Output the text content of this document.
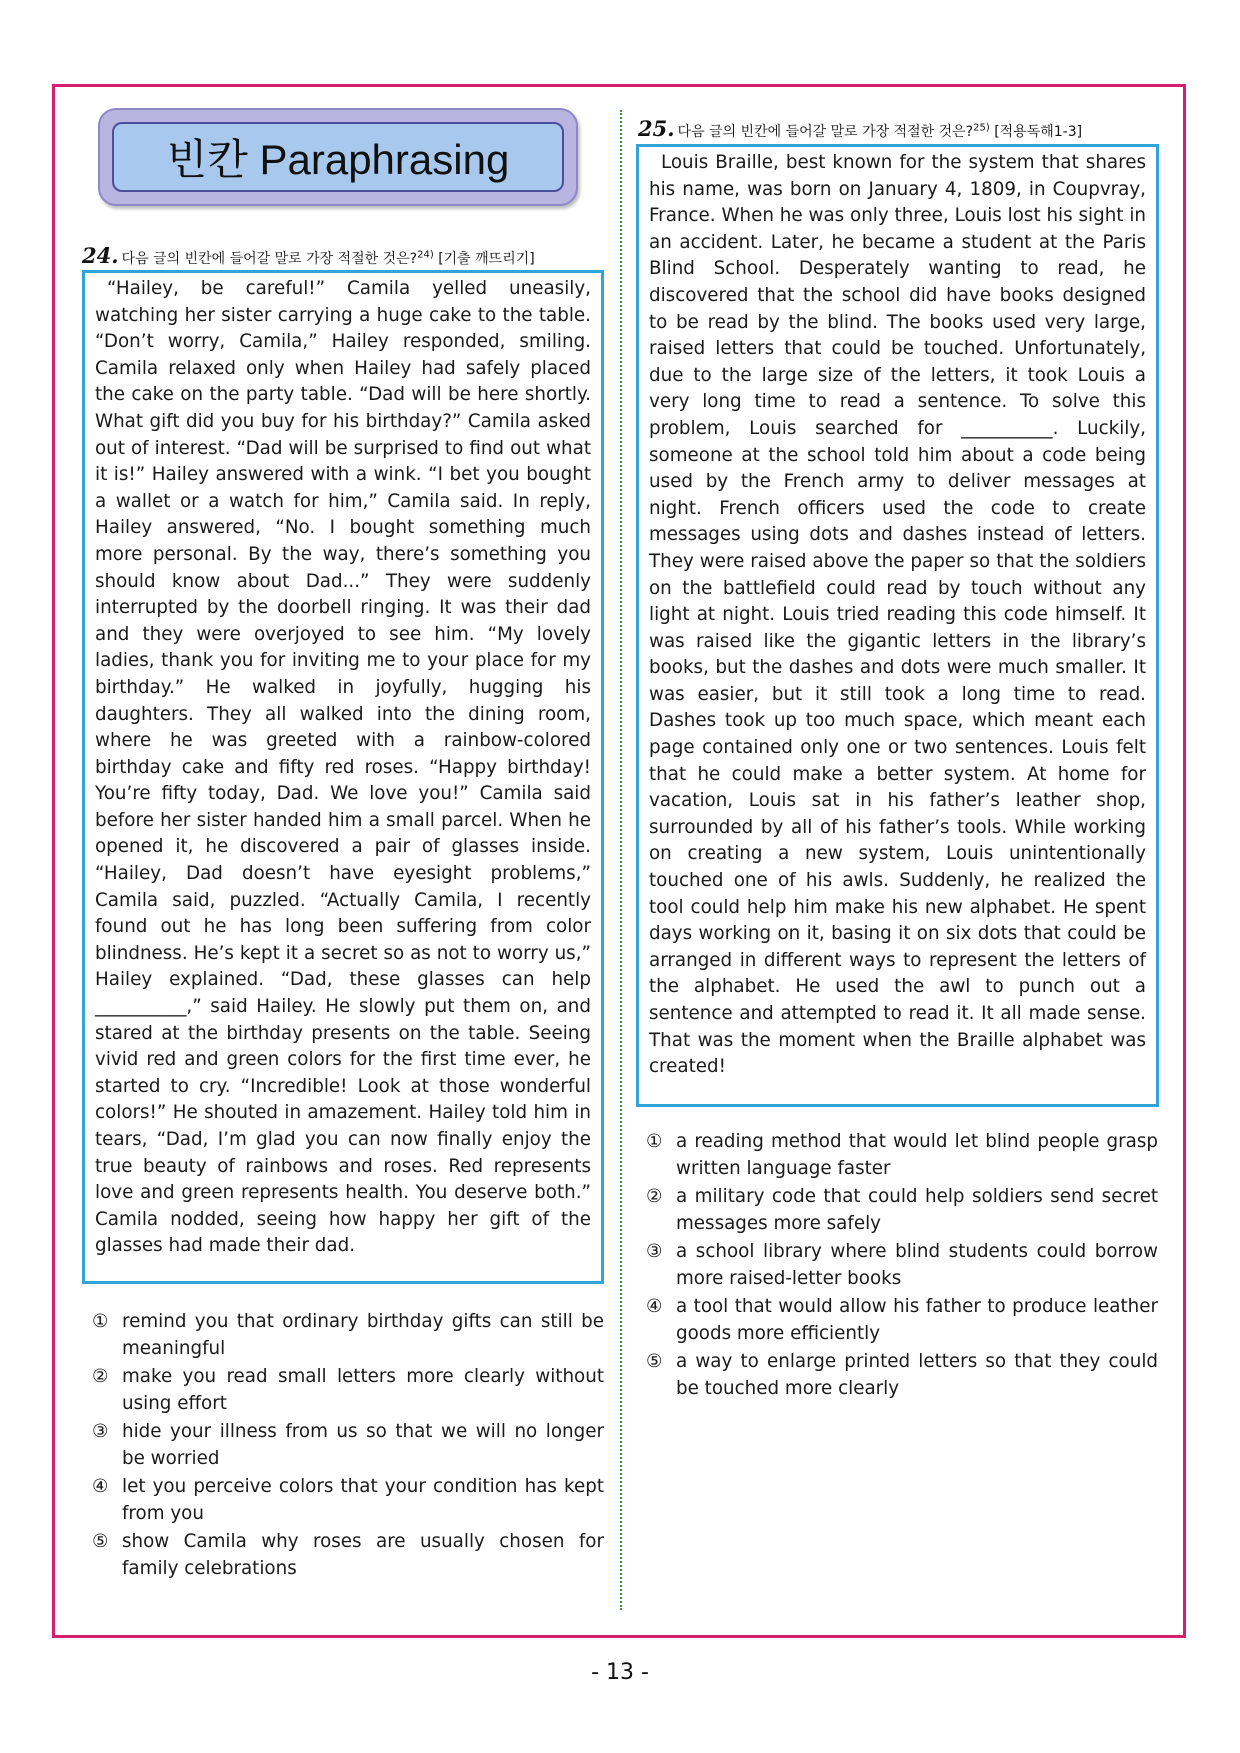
빈칸 Paraphrasing
24. 다음 글의 빈칸에 들어갈 말로 가장 적절한 것은?$^{24)}$ [기출 깨뜨리기]
“Hailey, be careful!” Camila yelled uneasily, watching her sister carrying a huge cake to the table. “Don’t worry, Camila,” Hailey responded, smiling. Camila relaxed only when Hailey had safely placed the cake on the party table. “Dad will be here shortly. What gift did you buy for his birthday?” Camila asked out of interest. “Dad will be surprised to find out what it is!” Hailey answered with a wink. “I bet you bought a wallet or a watch for him,” Camila said. In reply, Hailey answered, “No. I bought something much more personal. By the way, there’s something you should know about Dad...” They were suddenly interrupted by the doorbell ringing. It was their dad and they were overjoyed to see him. “My lovely ladies, thank you for inviting me to your place for my birthday.” He walked in joyfully, hugging his daughters. They all walked into the dining room, where he was greeted with a rainbow-colored birthday cake and fifty red roses. “Happy birthday! You’re fifty today, Dad. We love you!” Camila said before her sister handed him a small parcel. When he opened it, he discovered a pair of glasses inside. “Hailey, Dad doesn’t have eyesight problems,” Camila said, puzzled. “Actually Camila, I recently found out he has long been suffering from color blindness. He’s kept it a secret so as not to worry us,” Hailey explained. “Dad, these glasses can help __________,” said Hailey. He slowly put them on, and stared at the birthday presents on the table. Seeing vivid red and green colors for the first time ever, he started to cry. “Incredible! Look at those wonderful colors!” He shouted in amazement. Hailey told him in tears, “Dad, I’m glad you can now finally enjoy the true beauty of rainbows and roses. Red represents love and green represents health. You deserve both.” Camila nodded, seeing how happy her gift of the glasses had made their dad.
① remind you that ordinary birthday gifts can still be meaningful
② make you read small letters more clearly without using effort
③ hide your illness from us so that we will no longer be worried
④ let you perceive colors that your condition has kept from you
⑤ show Camila why roses are usually chosen for family celebrations
25. 다음 글의 빈칸에 들어갈 말로 가장 적절한 것은?$^{25)}$ [적용독해1-3]
Louis Braille, best known for the system that shares his name, was born on January 4, 1809, in Coupvray, France. When he was only three, Louis lost his sight in an accident. Later, he became a student at the Paris Blind School. Desperately wanting to read, he discovered that the school did have books designed to be read by the blind. The books used very large, raised letters that could be touched. Unfortunately, due to the large size of the letters, it took Louis a very long time to read a sentence. To solve this problem, Louis searched for __________. Luckily, someone at the school told him about a code being used by the French army to deliver messages at night. French officers used the code to create messages using dots and dashes instead of letters. They were raised above the paper so that the soldiers on the battlefield could read by touch without any light at night. Louis tried reading this code himself. It was raised like the gigantic letters in the library’s books, but the dashes and dots were much smaller. It was easier, but it still took a long time to read. Dashes took up too much space, which meant each page contained only one or two sentences. Louis felt that he could make a better system. At home for vacation, Louis sat in his father’s leather shop, surrounded by all of his father’s tools. While working on creating a new system, Louis unintentionally touched one of his awls. Suddenly, he realized the tool could help him make his new alphabet. He spent days working on it, basing it on six dots that could be arranged in different ways to represent the letters of the alphabet. He used the awl to punch out a sentence and attempted to read it. It all made sense. That was the moment when the Braille alphabet was created!
① a reading method that would let blind people grasp written language faster
② a military code that could help soldiers send secret messages more safely
③ a school library where blind students could borrow more raised-letter books
④ a tool that would allow his father to produce leather goods more efficiently
⑤ a way to enlarge printed letters so that they could be touched more clearly
- 13 -
